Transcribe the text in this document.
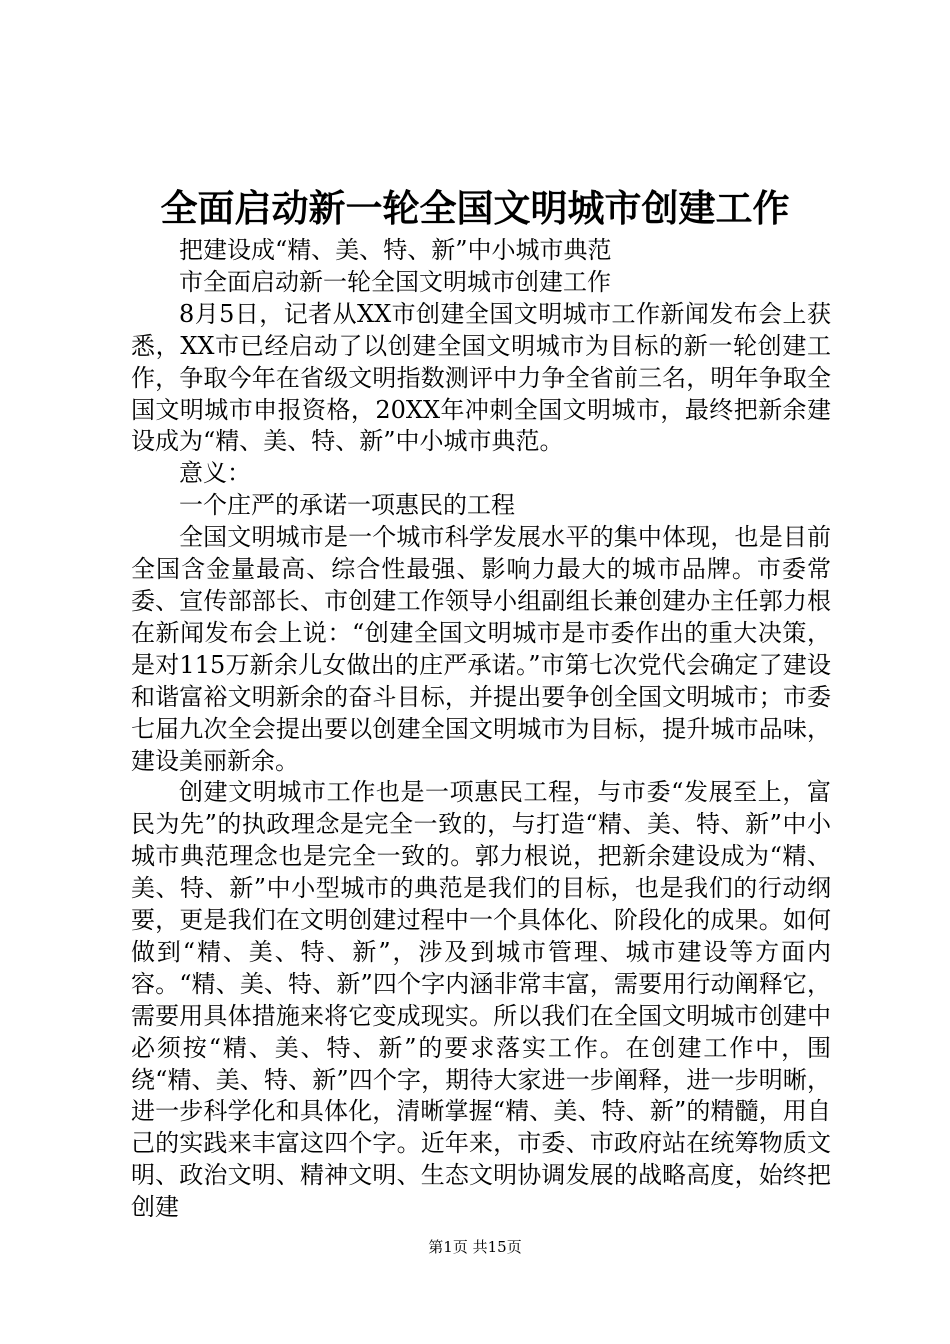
全面启动新一轮全国文明城市创建工作

把建设成“精、美、特、新”中小城市典范

市全面启动新一轮全国文明城市创建工作

8月5日，记者从XX市创建全国文明城市工作新闻发布会上获悉，XX市已经启动了以创建全国文明城市为目标的新一轮创建工作，争取今年在省级文明指数测评中力争全省前三名，明年争取全国文明城市申报资格，20XX年冲刺全国文明城市，最终把新余建设成为“精、美、特、新”中小城市典范。

意义：

一个庄严的承诺一项惠民的工程

全国文明城市是一个城市科学发展水平的集中体现，也是目前全国含金量最高、综合性最强、影响力最大的城市品牌。市委常委、宣传部部长、市创建工作领导小组副组长兼创建办主任郭力根在新闻发布会上说：“创建全国文明城市是市委作出的重大决策，是对115万新余儿女做出的庄严承诺。”市第七次党代会确定了建设和谐富裕文明新余的奋斗目标，并提出要争创全国文明城市；市委七届九次全会提出要以创建全国文明城市为目标，提升城市品味，建设美丽新余。

创建文明城市工作也是一项惠民工程，与市委“发展至上，富民为先”的执政理念是完全一致的，与打造“精、美、特、新”中小城市典范理念也是完全一致的。郭力根说，把新余建设成为“精、美、特、新”中小型城市的典范是我们的目标，也是我们的行动纲要，更是我们在文明创建过程中一个具体化、阶段化的成果。如何做到“精、美、特、新”，涉及到城市管理、城市建设等方面内容。“精、美、特、新”四个字内涵非常丰富，需要用行动阐释它，需要用具体措施来将它变成现实。所以我们在全国文明城市创建中必须按“精、美、特、新”的要求落实工作。在创建工作中，围绕“精、美、特、新”四个字，期待大家进一步阐释，进一步明晰，进一步科学化和具体化，清晰掌握“精、美、特、新”的精髓，用自己的实践来丰富这四个字。近年来，市委、市政府站在统筹物质文明、政治文明、精神文明、生态文明协调发展的战略高度，始终把创建

第1页 共15页
